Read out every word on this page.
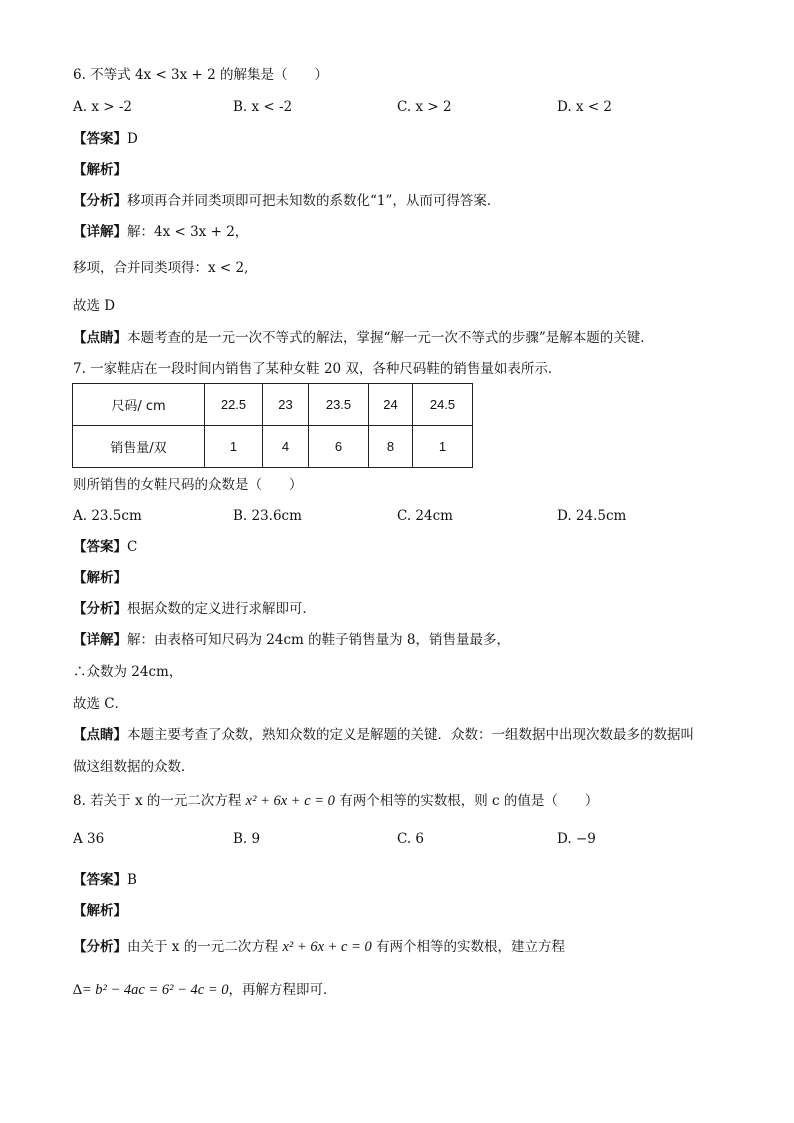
6. 不等式 4x < 3x + 2 的解集是（　　）
A. x > -2	B. x < -2	C. x > 2	D. x < 2
【答案】D
【解析】
【分析】移项再合并同类项即可把未知数的系数化“1”，从而可得答案．
【详解】解：4x < 3x + 2，
移项，合并同类项得：x < 2,
故选 D
【点睛】本题考查的是一元一次不等式的解法，掌握“解一元一次不等式的步骤”是解本题的关键．
7. 一家鞋店在一段时间内销售了某种女鞋 20 双，各种尺码鞋的销售量如表所示．
尺码/ cm	22.5	23	23.5	24	24.5
销售量/双	1	4	6	8	1
则所销售的女鞋尺码的众数是（　　）
A. 23.5cm	B. 23.6cm	C. 24cm	D. 24.5cm
【答案】C
【解析】
【分析】根据众数的定义进行求解即可．
【详解】解：由表格可知尺码为 24cm 的鞋子销售量为 8，销售量最多，
∴众数为 24cm，
故选 C．
【点睛】本题主要考查了众数，熟知众数的定义是解题的关键．众数：一组数据中出现次数最多的数据叫
做这组数据的众数．
8. 若关于 x 的一元二次方程 x² + 6x + c = 0 有两个相等的实数根，则 c 的值是（　　）
A 36	B. 9	C. 6	D. −9
【答案】B
【解析】
【分析】由关于 x 的一元二次方程 x² + 6x + c = 0 有两个相等的实数根，建立方程
∆= b² − 4ac = 6² − 4c = 0，再解方程即可．
